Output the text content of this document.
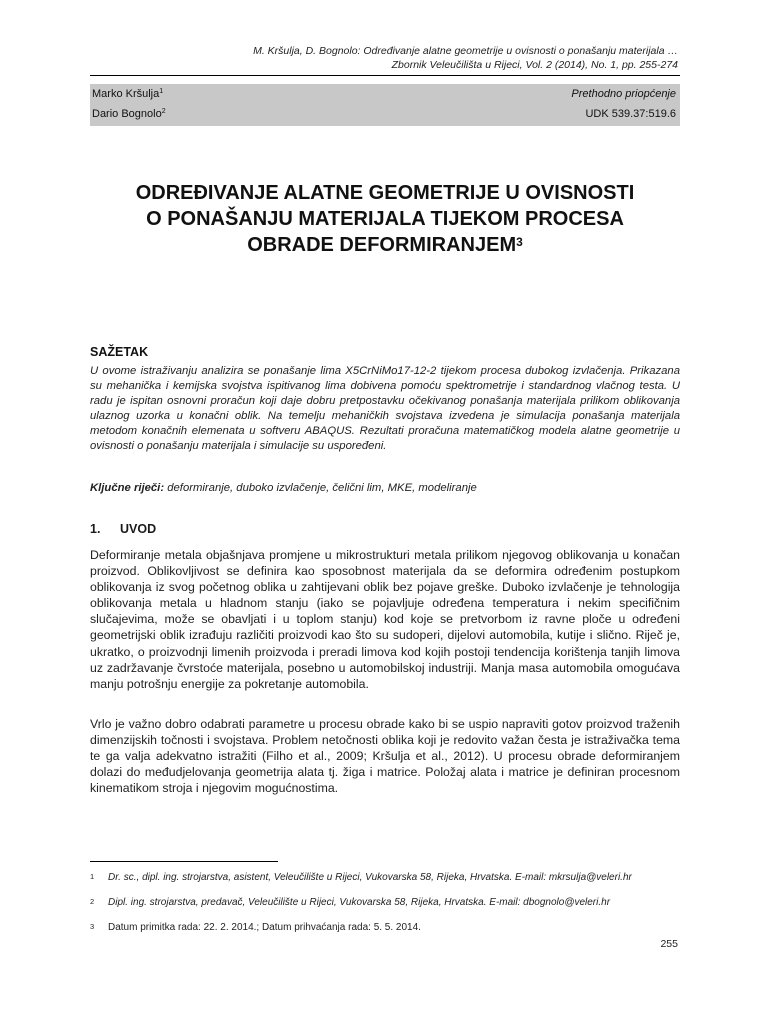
M. Kršulja, D. Bognolo: Određivanje alatne geometrije u ovisnosti o ponašanju materijala …
Zbornik Veleučilišta u Rijeci, Vol. 2 (2014), No. 1, pp. 255-274
Marko Kršulja$^1$	Prethodno priopćenje
Dario Bognolo$^2$	UDK 539.37:519.6
ODREĐIVANJE ALATNE GEOMETRIJE U OVISNOSTI
O PONAŠANJU MATERIJALA TIJEKOM PROCESA
OBRADE DEFORMIRANJEM$^3$
SAŽETAK
U ovome istraživanju analizira se ponašanje lima X5CrNiMo17-12-2 tijekom procesa dubokog izvlačenja. Prikazana su mehanička i kemijska svojstva ispitivanog lima dobivena pomoću spektrometrije i standardnog vlačnog testa. U radu je ispitan osnovni proračun koji daje dobru pretpostavku očekivanog ponašanja materijala prilikom oblikovanja ulaznog uzorka u konačni oblik. Na temelju mehaničkih svojstava izvedena je simulacija ponašanja materijala metodom konačnih elemenata u softveru ABAQUS. Rezultati proračuna matematičkog modela alatne geometrije u ovisnosti o ponašanju materijala i simulacije su uspoređeni.
Ključne riječi: deformiranje, duboko izvlačenje, čelični lim, MKE, modeliranje
1. UVOD
Deformiranje metala objašnjava promjene u mikrostrukturi metala prilikom njegovog oblikovanja u konačan proizvod. Oblikovljivost se definira kao sposobnost materijala da se deformira određenim postupkom oblikovanja iz svog početnog oblika u zahtijevani oblik bez pojave greške. Duboko izvlačenje je tehnologija oblikovanja metala u hladnom stanju (iako se pojavljuje određena temperatura i nekim specifičnim slučajevima, može se obavljati i u toplom stanju) kod koje se pretvorbom iz ravne ploče u određeni geometrijski oblik izrađuju različiti proizvodi kao što su sudoperi, dijelovi automobila, kutije i slično. Riječ je, ukratko, o proizvodnji limenih proizvoda i preradi limova kod kojih postoji tendencija korištenja tanjih limova uz zadržavanje čvrstoće materijala, posebno u automobilskoj industriji. Manja masa automobila omogućava manju potrošnju energije za pokretanje automobila.
Vrlo je važno dobro odabrati parametre u procesu obrade kako bi se uspio napraviti gotov proizvod traženih dimenzijskih točnosti i svojstava. Problem netočnosti oblika koji je redovito važan česta je istraživačka tema te ga valja adekvatno istražiti (Filho et al., 2009; Kršulja et al., 2012). U procesu obrade deformiranjem dolazi do međudjelovanja geometrija alata tj. žiga i matrice. Položaj alata i matrice je definiran procesnom kinematikom stroja i njegovim mogućnostima.
1 Dr. sc., dipl. ing. strojarstva, asistent, Veleučilište u Rijeci, Vukovarska 58, Rijeka, Hrvatska. E-mail: mkrsulja@veleri.hr
2 Dipl. ing. strojarstva, predavač, Veleučilište u Rijeci, Vukovarska 58, Rijeka, Hrvatska. E-mail: dbognolo@veleri.hr
3 Datum primitka rada: 22. 2. 2014.; Datum prihvaćanja rada: 5. 5. 2014.
255
